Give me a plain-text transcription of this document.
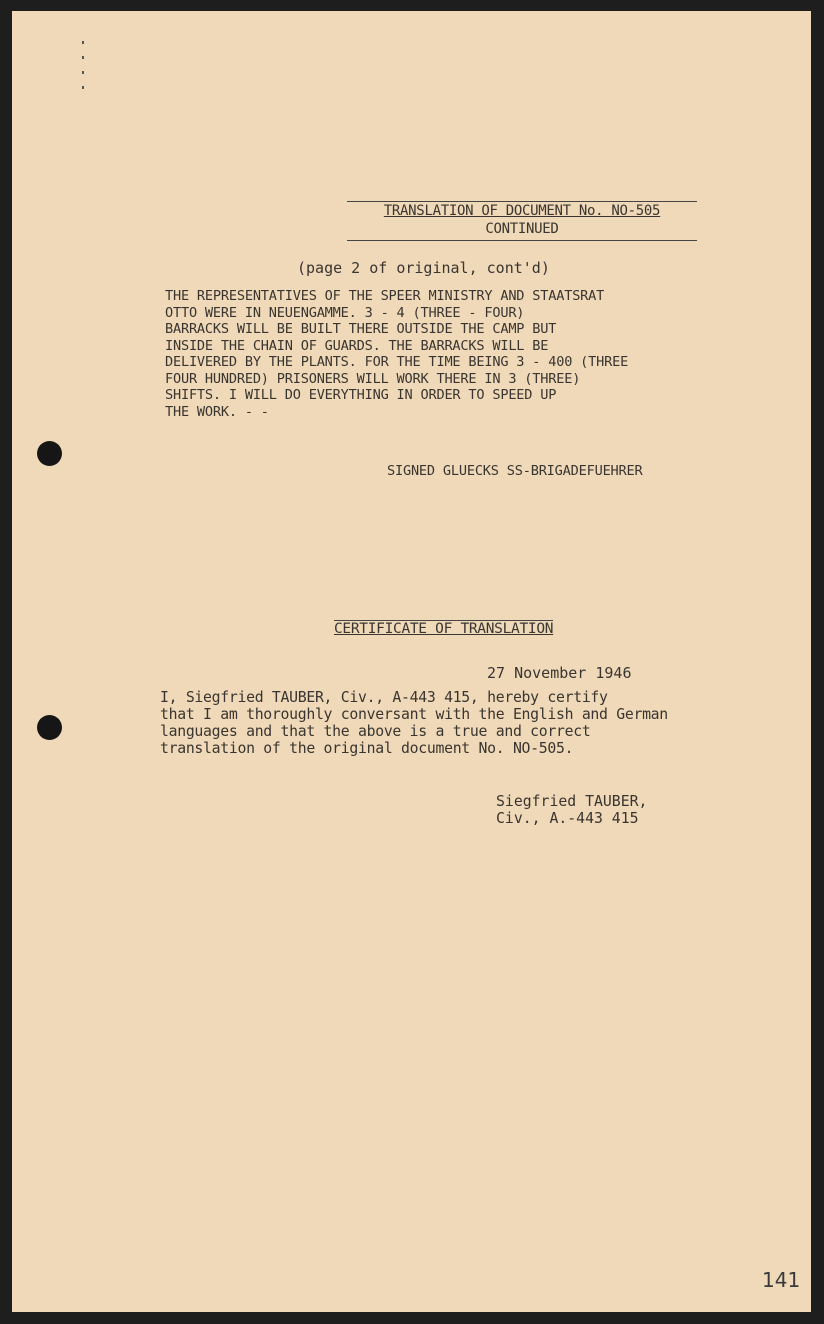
TRANSLATION OF DOCUMENT No. NO-505
CONTINUED
(page 2 of original, cont'd)
THE REPRESENTATIVES OF THE SPEER MINISTRY AND STAATSRAT
OTTO WERE IN NEUENGAMME. 3 - 4 (THREE - FOUR)
BARRACKS WILL BE BUILT THERE OUTSIDE THE CAMP BUT
INSIDE THE CHAIN OF GUARDS. THE BARRACKS WILL BE
DELIVERED BY THE PLANTS. FOR THE TIME BEING 3 - 400 (THREE
FOUR HUNDRED) PRISONERS WILL WORK THERE IN 3 (THREE)
SHIFTS. I WILL DO EVERYTHING IN ORDER TO SPEED UP
THE WORK. - -
SIGNED GLUECKS SS-BRIGADEFUEHRER
CERTIFICATE OF TRANSLATION
27 November 1946
I, Siegfried TAUBER, Civ., A-443 415, hereby certify
that I am thoroughly conversant with the English and German
languages and that the above is a true and correct
translation of the original document No. NO-505.
Siegfried TAUBER,
Civ., A.-443 415
141
